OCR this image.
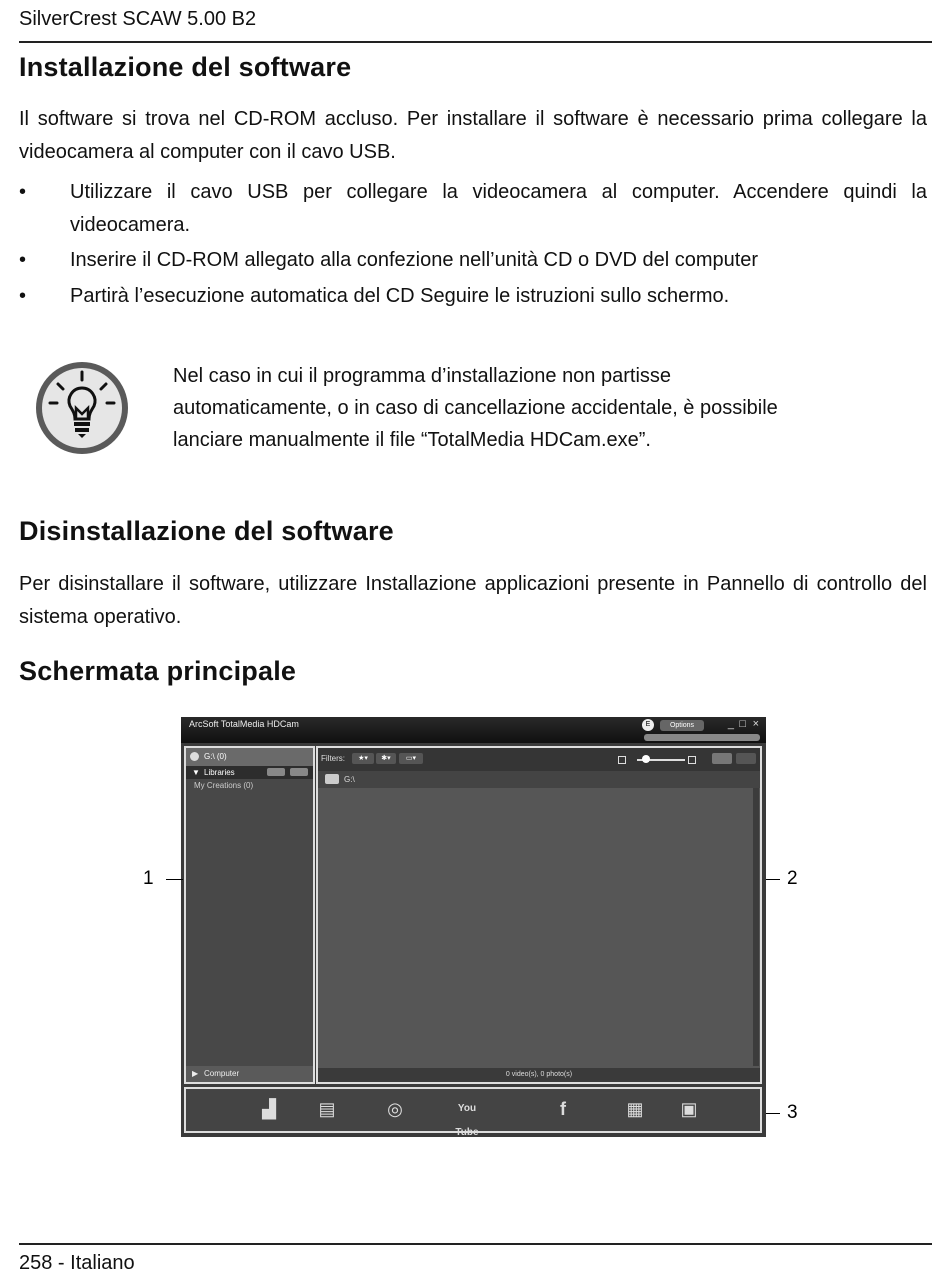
SilverCrest SCAW 5.00 B2
Installazione del software

Il software si trova nel CD-ROM accluso. Per installare il software è necessario prima collegare la videocamera al computer con il cavo USB.

• Utilizzare il cavo USB per collegare la videocamera al computer. Accendere quindi la videocamera.
• Inserire il CD-ROM allegato alla confezione nell’unità CD o DVD del computer
• Partirà l’esecuzione automatica del CD Seguire le istruzioni sullo schermo.
Nel caso in cui il programma d’installazione non partisse automaticamente, o in caso di cancellazione accidentale, è possibile lanciare manualmente il file “TotalMedia HDCam.exe”.
Disinstallazione del software

Per disinstallare il software, utilizzare Installazione applicazioni presente in Pannello di controllo del sistema operativo.

Schermata principale
ArcSoft TotalMedia HDCam	E	Options	_ □ ×
G:\ (0)
▼ Libraries
My Creations (0)
▶ Computer
Filters:	★▾	✱▾	▭▾
G:\
0 video(s), 0 photo(s)
▟	▤	◎	You
Tube
f	▦ ▣
1	2
3
258 - Italiano
